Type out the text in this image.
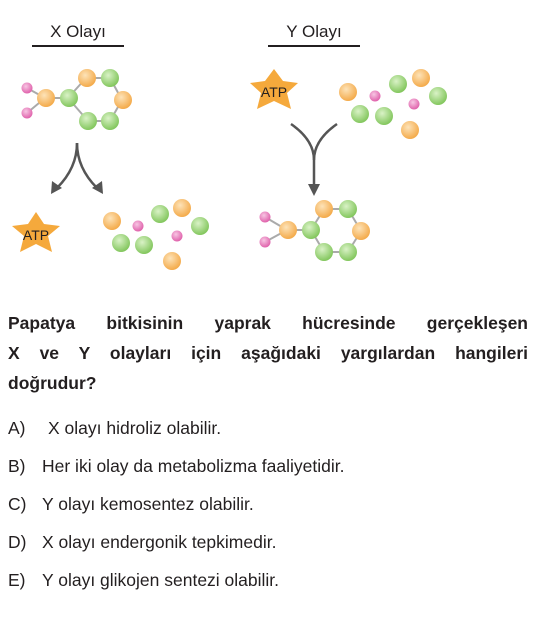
X Olayı	Y Olayı
ATP
ATP
Papatya bitkisinin yaprak hücresinde gerçekleşen
X ve Y olayları için aşağıdaki yargılardan hangileri
doğrudur?
A) X olayı hidroliz olabilir.
B) Her iki olay da metabolizma faaliyetidir.
C) Y olayı kemosentez olabilir.
D) X olayı endergonik tepkimedir.
E) Y olayı glikojen sentezi olabilir.
